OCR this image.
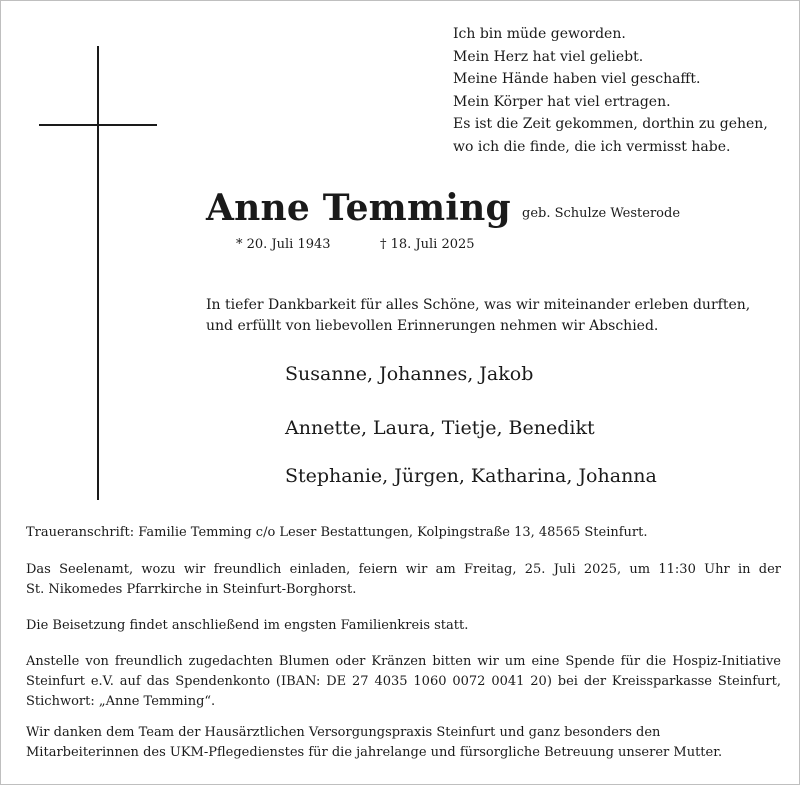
Ich bin müde geworden.
Mein Herz hat viel geliebt.
Meine Hände haben viel geschafft.
Mein Körper hat viel ertragen.
Es ist die Zeit gekommen, dorthin zu gehen,
wo ich die finde, die ich vermisst habe.
Anne Temming geb. Schulze Westerode
* 20. Juli 1943	† 18. Juli 2025
In tiefer Dankbarkeit für alles Schöne, was wir miteinander erleben durften,
und erfüllt von liebevollen Erinnerungen nehmen wir Abschied.
Susanne, Johannes, Jakob
Annette, Laura, Tietje, Benedikt
Stephanie, Jürgen, Katharina, Johanna
Traueranschrift: Familie Temming c/o Leser Bestattungen, Kolpingstraße 13, 48565 Steinfurt.
Das Seelenamt, wozu wir freundlich einladen, feiern wir am Freitag, 25. Juli 2025, um 11:30 Uhr in der
St. Nikomedes Pfarrkirche in Steinfurt-Borghorst.
Die Beisetzung findet anschließend im engsten Familienkreis statt.
Anstelle von freundlich zugedachten Blumen oder Kränzen bitten wir um eine Spende für die Hospiz-Initiative
Steinfurt e.V. auf das Spendenkonto (IBAN: DE 27 4035 1060 0072 0041 20) bei der Kreissparkasse Steinfurt,
Stichwort: „Anne Temming“.
Wir danken dem Team der Hausärztlichen Versorgungspraxis Steinfurt und ganz besonders den
Mitarbeiterinnen des UKM-Pflegedienstes für die jahrelange und fürsorgliche Betreuung unserer Mutter.
